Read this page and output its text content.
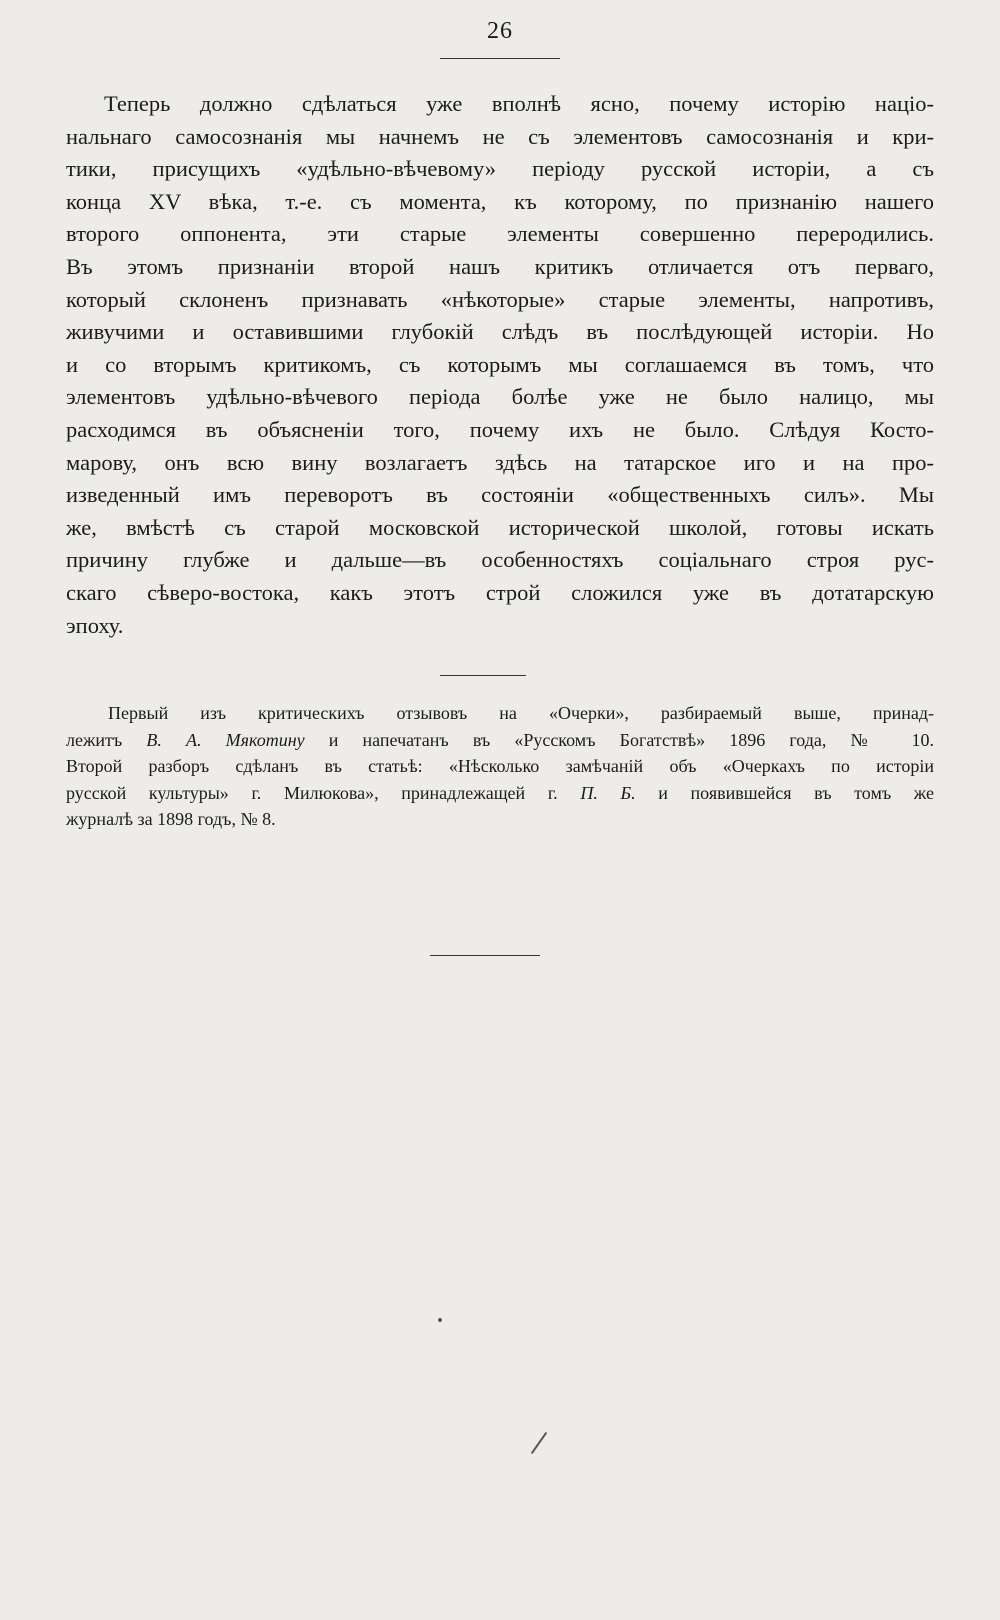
26
Теперь должно сдѣлаться уже вполнѣ ясно, почему исторію націо-
нальнаго самосознанія мы начнемъ не съ элементовъ самосознанія и кри-
тики, присущихъ «удѣльно-вѣчевому» періоду русской исторіи, а съ
конца XV вѣка, т.-е. съ момента, къ которому, по признанію нашего
второго оппонента, эти старые элементы совершенно переродились.
Въ этомъ признаніи второй нашъ критикъ отличается отъ перваго,
который склоненъ признавать «нѣкоторые» старые элементы, напротивъ,
живучими и оставившими глубокій слѣдъ въ послѣдующей исторіи. Но
и со вторымъ критикомъ, съ которымъ мы соглашаемся въ томъ, что
элементовъ удѣльно-вѣчевого періода болѣе уже не было налицо, мы
расходимся въ объясненіи того, почему ихъ не было. Слѣдуя Косто-
марову, онъ всю вину возлагаетъ здѣсь на татарское иго и на про-
изведенный имъ переворотъ въ состояніи «общественныхъ силъ». Мы
же, вмѣстѣ съ старой московской исторической школой, готовы искать
причину глубже и дальше—въ особенностяхъ соціальнаго строя рус-
скаго сѣверо-востока, какъ этотъ строй сложился уже въ дотатарскую
эпоху.
Первый изъ критическихъ отзывовъ на «Очерки», разбираемый выше, принад-
лежитъ В. А. Мякотину и напечатанъ въ «Русскомъ Богатствѣ» 1896 года, № 10.
Второй разборъ сдѣланъ въ статьѣ: «Нѣсколько замѣчаній объ «Очеркахъ по исторіи
русской культуры» г. Милюкова», принадлежащей г. П. Б. и появившейся въ томъ же
журналѣ за 1898 годъ, № 8.
